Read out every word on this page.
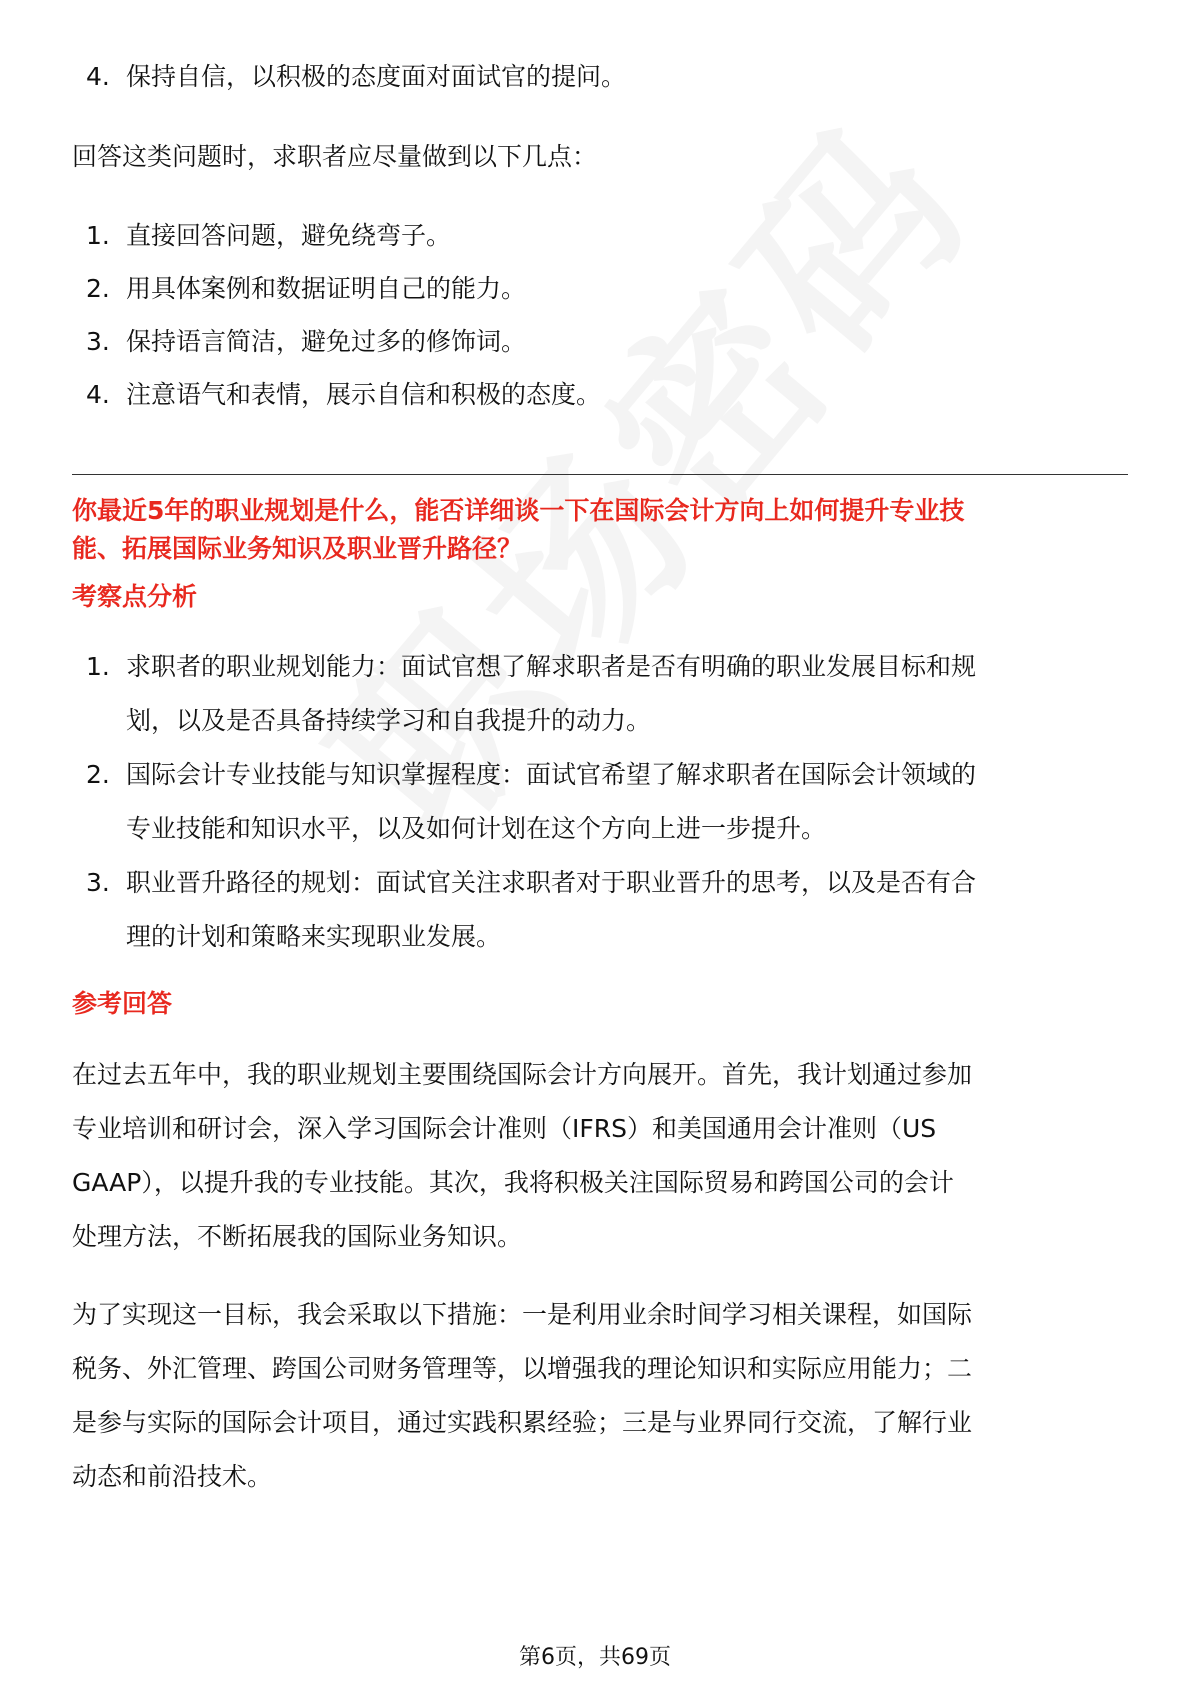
4. 保持自信，以积极的态度面对面试官的提问。

回答这类问题时，求职者应尽量做到以下几点：

1. 直接回答问题，避免绕弯子。
2. 用具体案例和数据证明自己的能力。
3. 保持语言简洁，避免过多的修饰词。
4. 注意语气和表情，展示自信和积极的态度。

你最近5年的职业规划是什么，能否详细谈一下在国际会计方向上如何提升专业技

能、拓展国际业务知识及职业晋升路径？

考察点分析

1. 求职者的职业规划能力：面试官想了解求职者是否有明确的职业发展目标和规
划，以及是否具备持续学习和自我提升的动力。
2. 国际会计专业技能与知识掌握程度：面试官希望了解求职者在国际会计领域的
专业技能和知识水平，以及如何计划在这个方向上进一步提升。
3. 职业晋升路径的规划：面试官关注求职者对于职业晋升的思考，以及是否有合
理的计划和策略来实现职业发展。

参考回答

在过去五年中，我的职业规划主要围绕国际会计方向展开。首先，我计划通过参加

专业培训和研讨会，深入学习国际会计准则（IFRS）和美国通用会计准则（US

GAAP），以提升我的专业技能。其次，我将积极关注国际贸易和跨国公司的会计

处理方法，不断拓展我的国际业务知识。

为了实现这一目标，我会采取以下措施：一是利用业余时间学习相关课程，如国际

税务、外汇管理、跨国公司财务管理等，以增强我的理论知识和实际应用能力；二

是参与实际的国际会计项目，通过实践积累经验；三是与业界同行交流，了解行业

动态和前沿技术。

第6页，共69页
